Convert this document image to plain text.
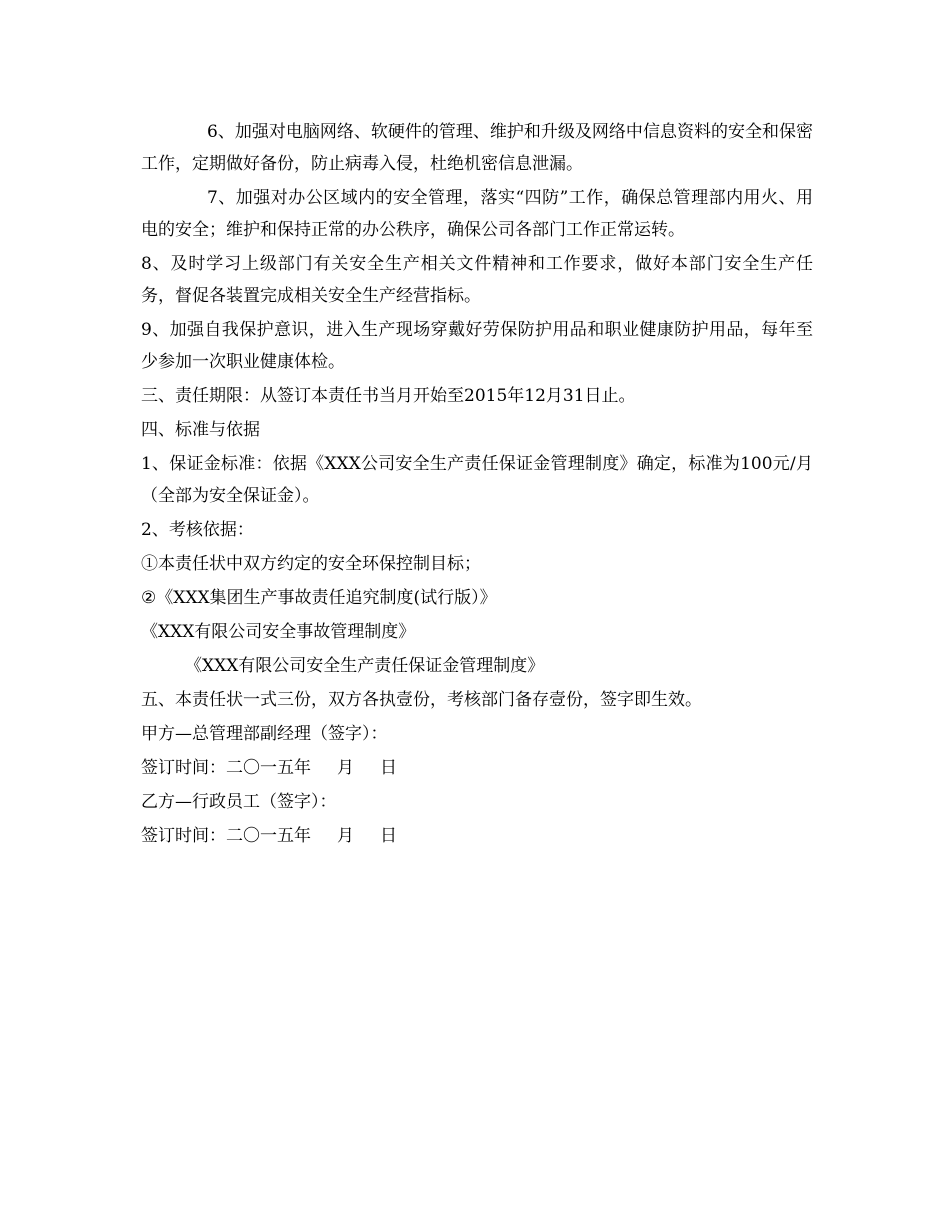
6、加强对电脑网络、软硬件的管理、维护和升级及网络中信息资料的安全和保密工作，定期做好备份，防止病毒入侵，杜绝机密信息泄漏。

7、加强对办公区域内的安全管理，落实“四防”工作，确保总管理部内用火、用电的安全；维护和保持正常的办公秩序，确保公司各部门工作正常运转。

8、及时学习上级部门有关安全生产相关文件精神和工作要求，做好本部门安全生产任务，督促各装置完成相关安全生产经营指标。

9、加强自我保护意识，进入生产现场穿戴好劳保防护用品和职业健康防护用品，每年至少参加一次职业健康体检。

三、责任期限：从签订本责任书当月开始至2015年12月31日止。

四、标准与依据

1、保证金标准：依据《XXX公司安全生产责任保证金管理制度》确定，标准为100元/月（全部为安全保证金）。

2、考核依据：

①本责任状中双方约定的安全环保控制目标；

②《XXX集团生产事故责任追究制度(试行版）》

《XXX有限公司安全事故管理制度》

《XXX有限公司安全生产责任保证金管理制度》

五、本责任状一式三份，双方各执壹份，考核部门备存壹份，签字即生效。

甲方—总管理部副经理（签字）：

签订时间：二〇一五年 月 日

乙方—行政员工（签字）：

签订时间：二〇一五年 月 日
